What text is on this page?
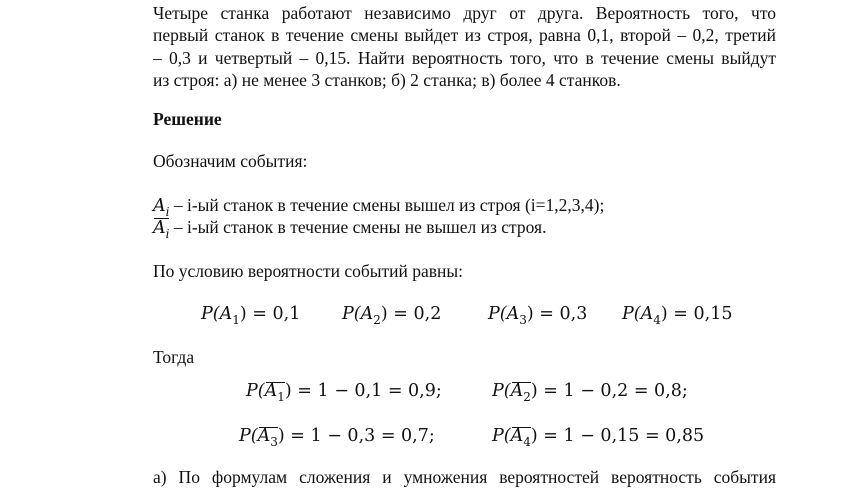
Четыре станка работают независимо друг от друга. Вероятность того, что
первый станок в течение смены выйдет из строя, равна 0,1, второй – 0,2, третий
– 0,3 и четвертый – 0,15. Найти вероятность того, что в течение смены выйдут
из строя: а) не менее 3 станков; б) 2 станка; в) более 4 станков.

Решение

Обозначим события:

$A_i - i-ый$ станок в течение смены вышел из строя (i=1,2,3,4);
$A_i - i-ый$ станок в течение смены не вышел из строя.

По условию вероятности событий равны:

$P(A_1) = 0,1$ $P(A_2) = 0,2$	$P(A_3) = 0,3$ $P(A_4) = 0,15$

Тогда

$P(A_1) = 1 - 0,1 = 0,9$;	$P(A_2) = 1 - 0,2 = 0,8$;
$P(A_3) = 1 - 0,3 = 0,7$;	$P(A_4) = 1 - 0,15 = 0,85$
а) По формулам сложения и умножения вероятностей вероятность события
